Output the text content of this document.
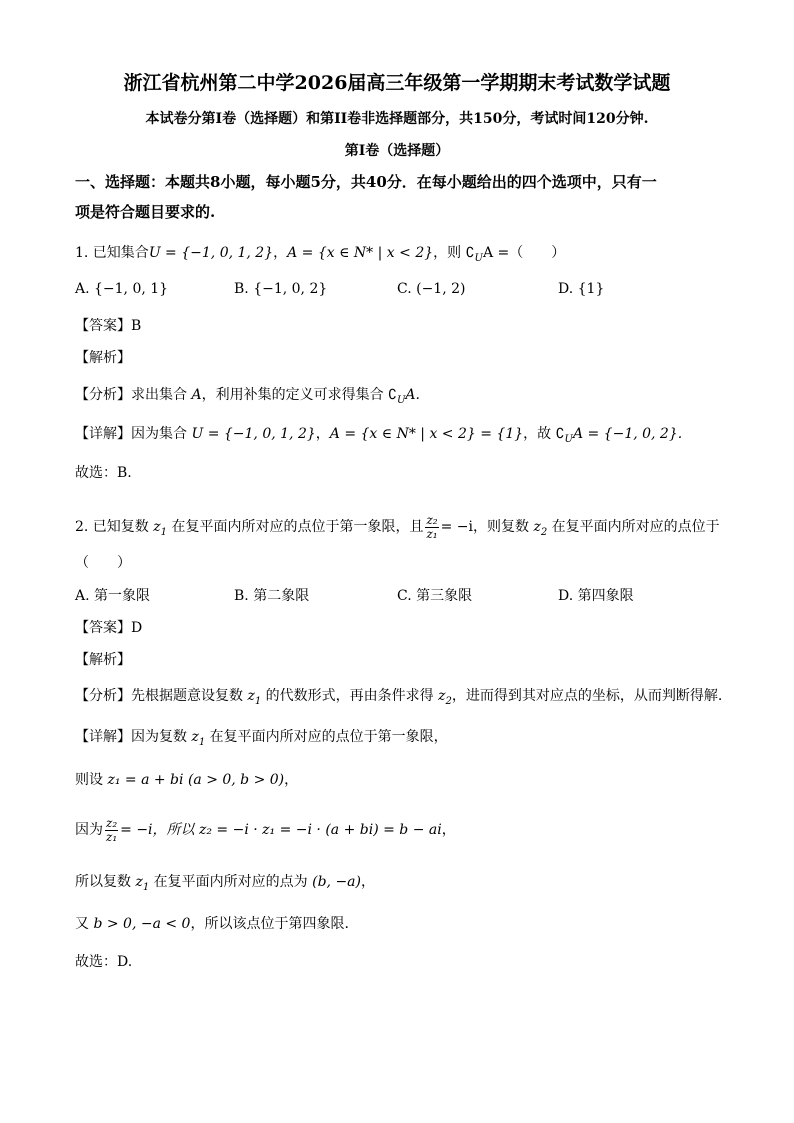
浙江省杭州第二中学2026届高三年级第一学期期末考试数学试题
本试卷分第I卷（选择题）和第II卷非选择题部分，共150分，考试时间120分钟.
第I卷（选择题）
一、选择题：本题共8小题，每小题5分，共40分．在每小题给出的四个选项中，只有一
项是符合题目要求的.
1. 已知集合U = {−1, 0, 1, 2}，A = {x ∈ N* | x < 2}，则 $∁_UA$ =（　　）
A. {−1, 0, 1}	B. {−1, 0, 2}	C. (−1, 2)	D. {1}
【答案】B
【解析】
【分析】求出集合 A，利用补集的定义可求得集合 $∁_UA$.
【详解】因为集合 U = {−1, 0, 1, 2}，A = {x ∈ N* | x < 2} = {1}，故 $∁_UA = \{-1$, 0, 2}.
故选：B.
2. 已知复数 $z_1$ 在复平面内所对应的点位于第一象限，且 $\frac{\text{z₂}}{\text{z₁}} = -i$，则复数 $z_2$ 在复平面内所对应的点位于
（　　）
A. 第一象限	B. 第二象限	C. 第三象限	D. 第四象限
【答案】D
【解析】
【分析】先根据题意设复数 $z_1$ 的代数形式，再由条件求得 $z_2$，进而得到其对应点的坐标，从而判断得解.
【详解】因为复数 $z_1$ 在复平面内所对应的点位于第一象限，
则设 z₁ = a + bi (a > 0, b > 0)，
因为 $\frac{\text{z₂}}{\text{z₁}} = -i$，所以 z₂ = −i · z₁ = −i · (a + bi) = b − ai，
所以复数 $z_1$ 在复平面内所对应的点为 (b, −a)，
又 b > 0, −a < 0，所以该点位于第四象限.
故选：D.
